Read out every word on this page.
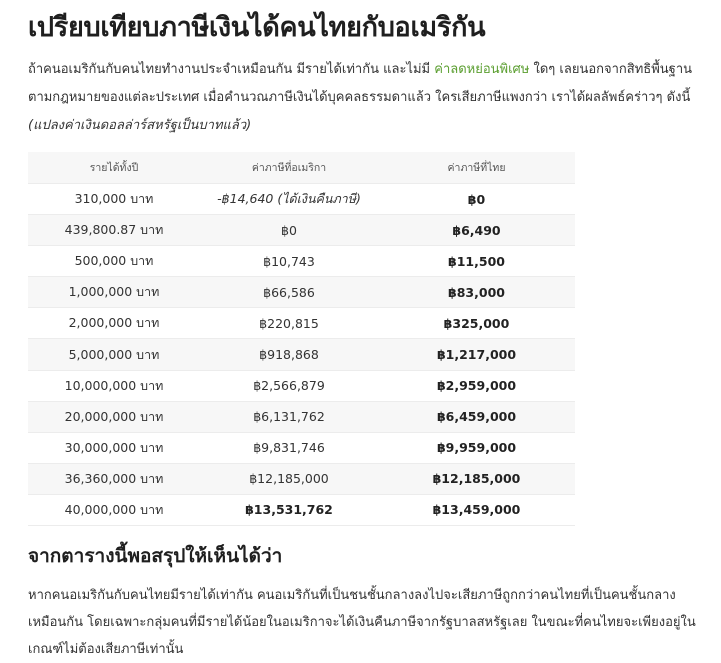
เปรียบเทียบภาษีเงินได้คนไทยกับอเมริกัน

ถ้าคนอเมริกันกับคนไทยทำงานประจำเหมือนกัน มีรายได้เท่ากัน และไม่มี ค่าลดหย่อนพิเศษ ใดๆ เลยนอกจากสิทธิพื้นฐานตามกฎหมายของแต่ละประเทศ เมื่อคำนวณภาษีเงินได้บุคคลธรรมดาแล้ว ใครเสียภาษีแพงกว่า เราได้ผลลัพธ์คร่าวๆ ดังนี้ (แปลงค่าเงินดอลล่าร์สหรัฐเป็นบาทแล้ว)

รายได้ทั้งปี	ค่าภาษีที่อเมริกา	ค่าภาษีที่ไทย
310,000 บาท	-฿14,640 (ได้เงินคืนภาษี)	฿0
439,800.87 บาท	฿0	฿6,490
500,000 บาท	฿10,743	฿11,500
1,000,000 บาท	฿66,586	฿83,000
2,000,000 บาท	฿220,815	฿325,000
5,000,000 บาท	฿918,868	฿1,217,000
10,000,000 บาท	฿2,566,879	฿2,959,000
20,000,000 บาท	฿6,131,762	฿6,459,000
30,000,000 บาท	฿9,831,746	฿9,959,000
36,360,000 บาท	฿12,185,000	฿12,185,000
40,000,000 บาท	฿13,531,762	฿13,459,000
จากตารางนี้พอสรุปให้เห็นได้ว่า

หากคนอเมริกันกับคนไทยมีรายได้เท่ากัน คนอเมริกันที่เป็นชนชั้นกลางลงไปจะเสียภาษีถูกกว่าคนไทยที่เป็นคนชั้นกลางเหมือนกัน โดยเฉพาะกลุ่มคนที่มีรายได้น้อยในอเมริกาจะได้เงินคืนภาษีจากรัฐบาลสหรัฐเลย ในขณะที่คนไทยจะเพียงอยู่ในเกณฑ์ไม่ต้องเสียภาษีเท่านั้น
